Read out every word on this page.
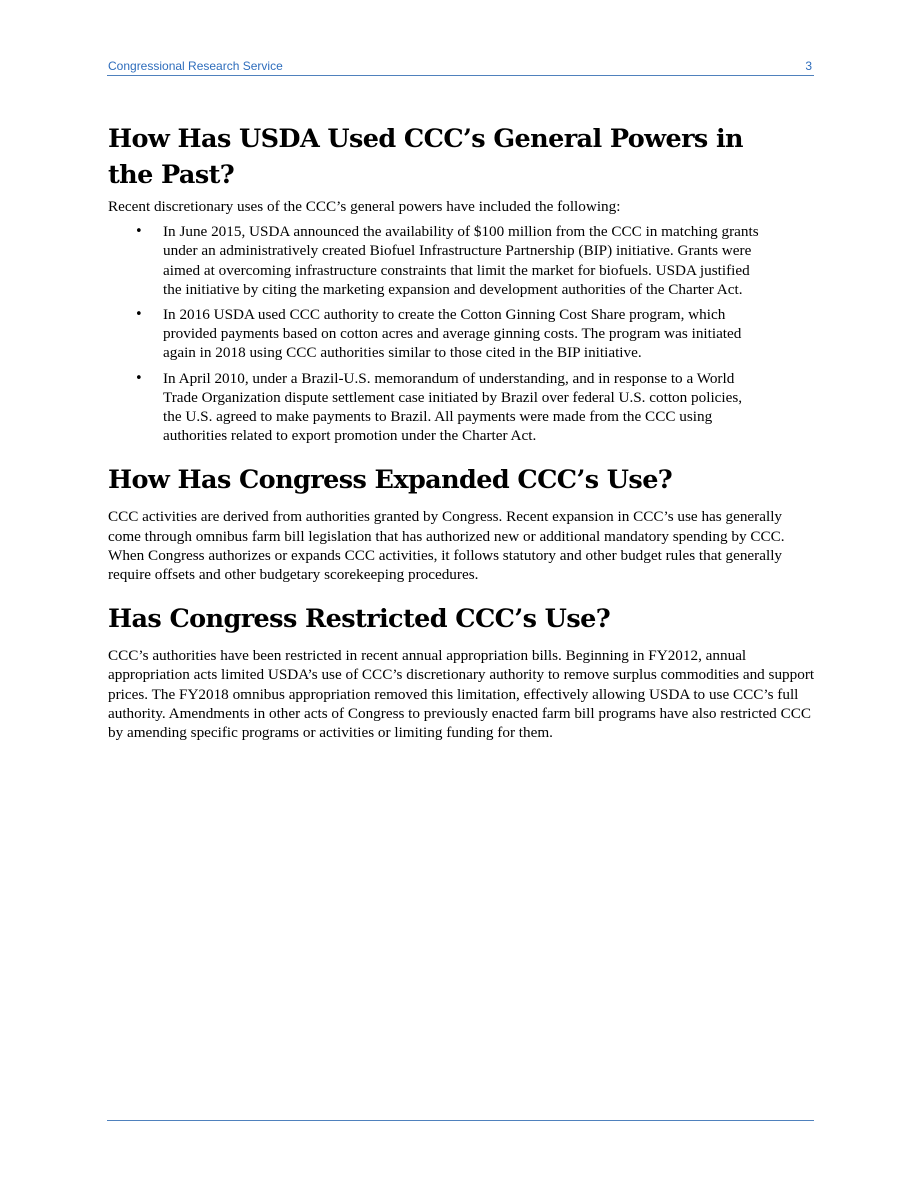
Congressional Research Service	3
How Has USDA Used CCC’s General Powers in the Past?

Recent discretionary uses of the CCC’s general powers have included the following:

• In June 2015, USDA announced the availability of $100 million from the CCC in matching grants under an administratively created Biofuel Infrastructure Partnership (BIP) initiative. Grants were aimed at overcoming infrastructure constraints that limit the market for biofuels. USDA justified the initiative by citing the marketing expansion and development authorities of the Charter Act.
• In 2016 USDA used CCC authority to create the Cotton Ginning Cost Share program, which provided payments based on cotton acres and average ginning costs. The program was initiated again in 2018 using CCC authorities similar to those cited in the BIP initiative.
• In April 2010, under a Brazil-U.S. memorandum of understanding, and in response to a World Trade Organization dispute settlement case initiated by Brazil over federal U.S. cotton policies, the U.S. agreed to make payments to Brazil. All payments were made from the CCC using authorities related to export promotion under the Charter Act.
How Has Congress Expanded CCC’s Use?

CCC activities are derived from authorities granted by Congress. Recent expansion in CCC’s use has generally come through omnibus farm bill legislation that has authorized new or additional mandatory spending by CCC. When Congress authorizes or expands CCC activities, it follows statutory and other budget rules that generally require offsets and other budgetary scorekeeping procedures.

Has Congress Restricted CCC’s Use?

CCC’s authorities have been restricted in recent annual appropriation bills. Beginning in FY2012, annual appropriation acts limited USDA’s use of CCC’s discretionary authority to remove surplus commodities and support prices. The FY2018 omnibus appropriation removed this limitation, effectively allowing USDA to use CCC’s full authority. Amendments in other acts of Congress to previously enacted farm bill programs have also restricted CCC by amending specific programs or activities or limiting funding for them.
